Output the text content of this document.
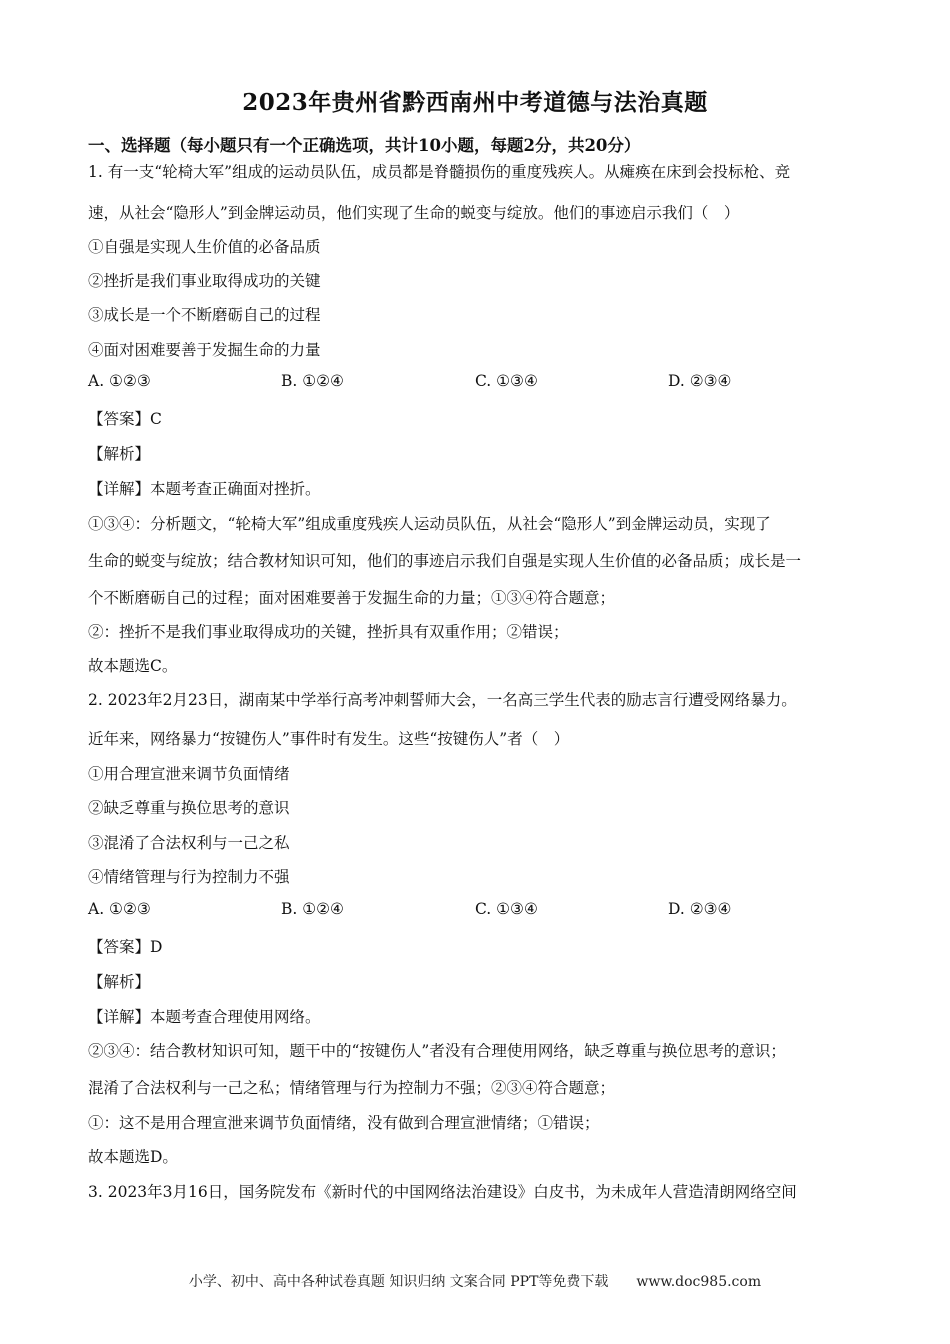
2023年贵州省黔西南州中考道德与法治真题
一、选择题（每小题只有一个正确选项，共计10小题，每题2分，共20分）
1. 有一支“轮椅大军”组成的运动员队伍，成员都是脊髓损伤的重度残疾人。从瘫痪在床到会投标枪、竞
速，从社会“隐形人”到金牌运动员，他们实现了生命的蜕变与绽放。他们的事迹启示我们（　）
①自强是实现人生价值的必备品质
②挫折是我们事业取得成功的关键
③成长是一个不断磨砺自己的过程
④面对困难要善于发掘生命的力量
A. ①②③	B. ①②④	C. ①③④	D. ②③④
【答案】C
【解析】
【详解】本题考查正确面对挫折。
①③④：分析题文，“轮椅大军”组成重度残疾人运动员队伍，从社会“隐形人”到金牌运动员，实现了
生命的蜕变与绽放；结合教材知识可知，他们的事迹启示我们自强是实现人生价值的必备品质；成长是一
个不断磨砺自己的过程；面对困难要善于发掘生命的力量；①③④符合题意；
②：挫折不是我们事业取得成功的关键，挫折具有双重作用；②错误；
故本题选C。
2. 2023年2月23日，湖南某中学举行高考冲刺誓师大会，一名高三学生代表的励志言行遭受网络暴力。
近年来，网络暴力“按键伤人”事件时有发生。这些“按键伤人”者（　）
①用合理宣泄来调节负面情绪
②缺乏尊重与换位思考的意识
③混淆了合法权利与一己之私
④情绪管理与行为控制力不强
A. ①②③	B. ①②④	C. ①③④	D. ②③④
【答案】D
【解析】
【详解】本题考查合理使用网络。
②③④：结合教材知识可知，题干中的“按键伤人”者没有合理使用网络，缺乏尊重与换位思考的意识；
混淆了合法权利与一己之私；情绪管理与行为控制力不强；②③④符合题意；
①：这不是用合理宣泄来调节负面情绪，没有做到合理宣泄情绪；①错误；
故本题选D。
3. 2023年3月16日，国务院发布《新时代的中国网络法治建设》白皮书，为未成年人营造清朗网络空间
小学、初中、高中各种试卷真题 知识归纳 文案合同 PPT等免费下载　　www.doc985.com
